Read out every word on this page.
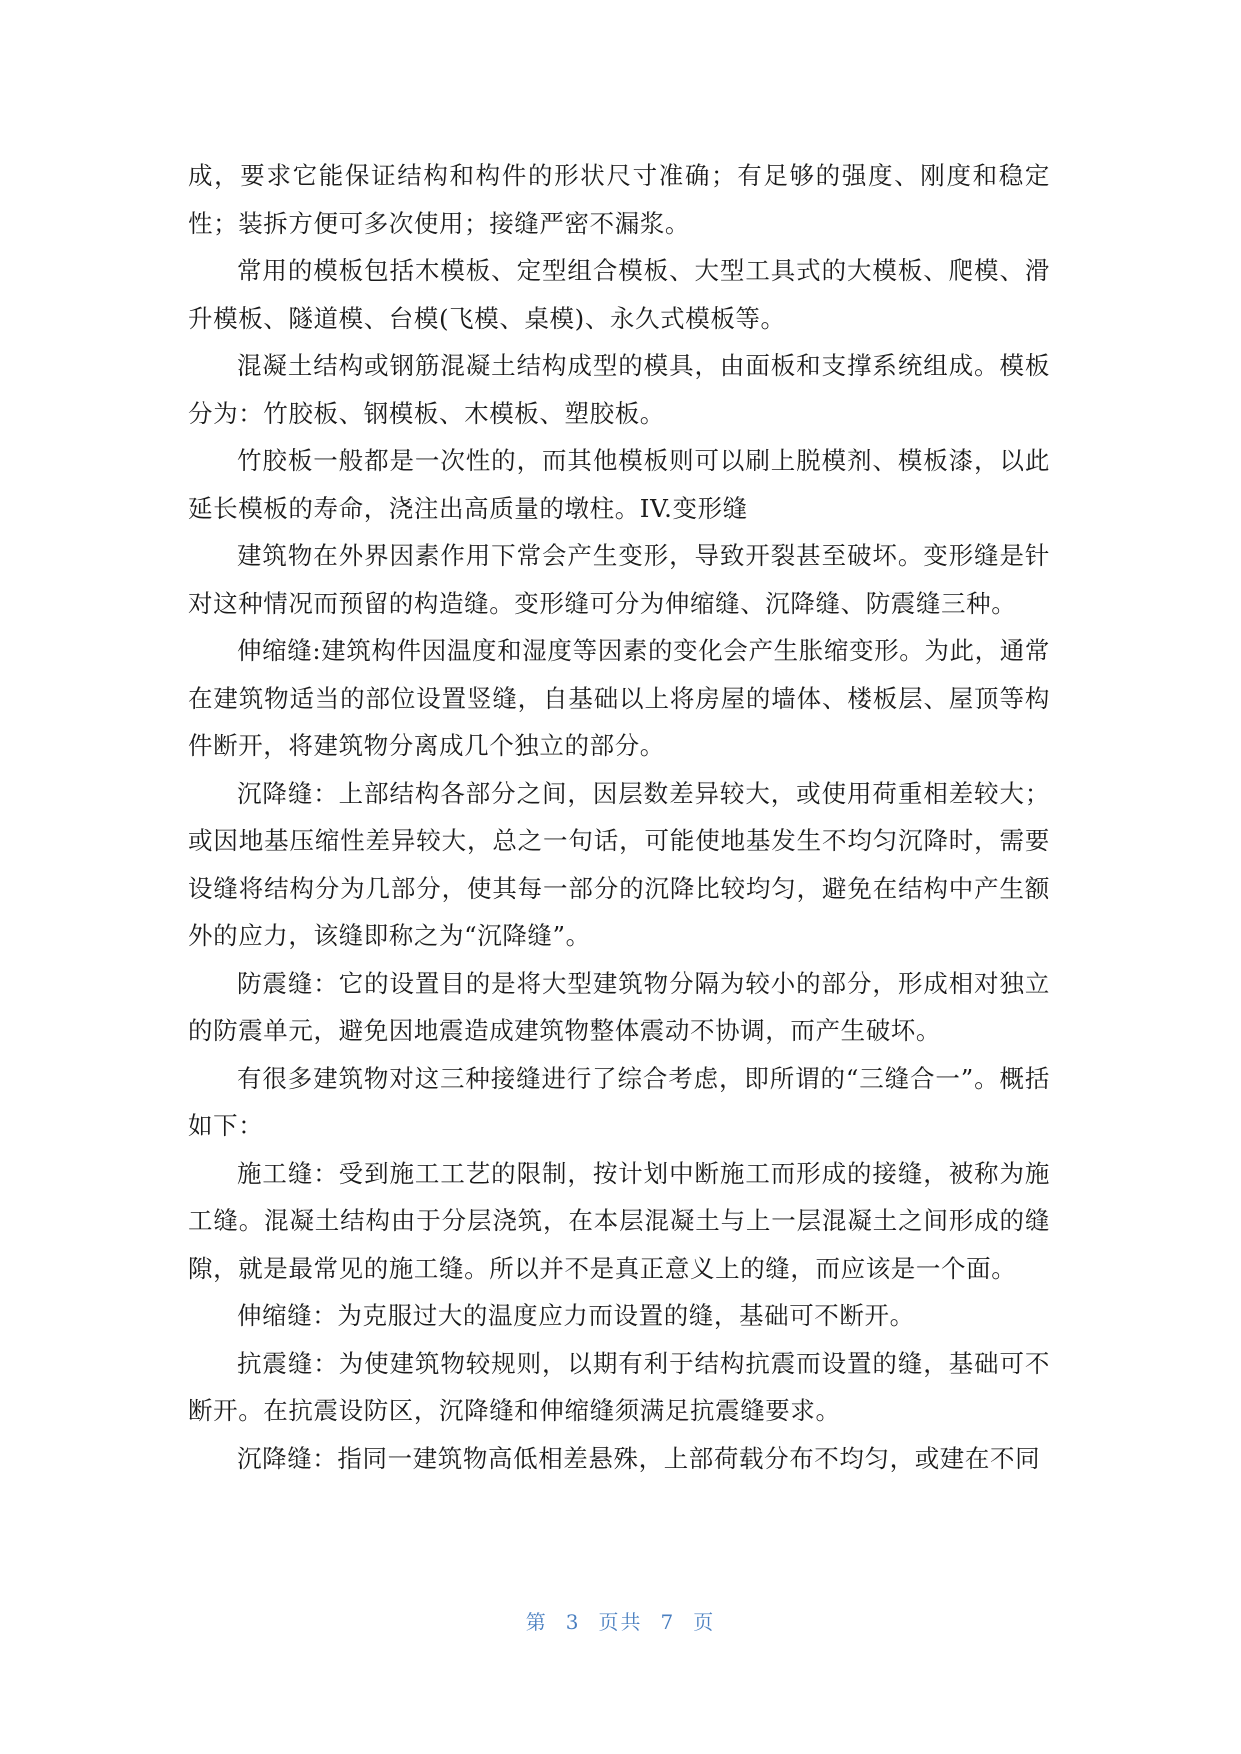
成，要求它能保证结构和构件的形状尺寸准确；有足够的强度、刚度和稳定性；装拆方便可多次使用；接缝严密不漏浆。

常用的模板包括木模板、定型组合模板、大型工具式的大模板、爬模、滑升模板、隧道模、台模(飞模、桌模)、永久式模板等。

混凝土结构或钢筋混凝土结构成型的模具，由面板和支撑系统组成。模板分为：竹胶板、钢模板、木模板、塑胶板。

竹胶板一般都是一次性的，而其他模板则可以刷上脱模剂、模板漆，以此延长模板的寿命，浇注出高质量的墩柱。IV.变形缝

建筑物在外界因素作用下常会产生变形，导致开裂甚至破坏。变形缝是针对这种情况而预留的构造缝。变形缝可分为伸缩缝、沉降缝、防震缝三种。

伸缩缝:建筑构件因温度和湿度等因素的变化会产生胀缩变形。为此，通常在建筑物适当的部位设置竖缝，自基础以上将房屋的墙体、楼板层、屋顶等构件断开，将建筑物分离成几个独立的部分。

沉降缝：上部结构各部分之间，因层数差异较大，或使用荷重相差较大；或因地基压缩性差异较大，总之一句话，可能使地基发生不均匀沉降时，需要设缝将结构分为几部分，使其每一部分的沉降比较均匀，避免在结构中产生额外的应力，该缝即称之为“沉降缝”。

防震缝：它的设置目的是将大型建筑物分隔为较小的部分，形成相对独立的防震单元，避免因地震造成建筑物整体震动不协调，而产生破坏。

有很多建筑物对这三种接缝进行了综合考虑，即所谓的“三缝合一”。概括如下：

施工缝：受到施工工艺的限制，按计划中断施工而形成的接缝，被称为施工缝。混凝土结构由于分层浇筑，在本层混凝土与上一层混凝土之间形成的缝隙，就是最常见的施工缝。所以并不是真正意义上的缝，而应该是一个面。

伸缩缝：为克服过大的温度应力而设置的缝，基础可不断开。

抗震缝：为使建筑物较规则，以期有利于结构抗震而设置的缝，基础可不断开。在抗震设防区，沉降缝和伸缩缝须满足抗震缝要求。

沉降缝：指同一建筑物高低相差悬殊，上部荷载分布不均匀，或建在不同

第 3 页共 7 页
